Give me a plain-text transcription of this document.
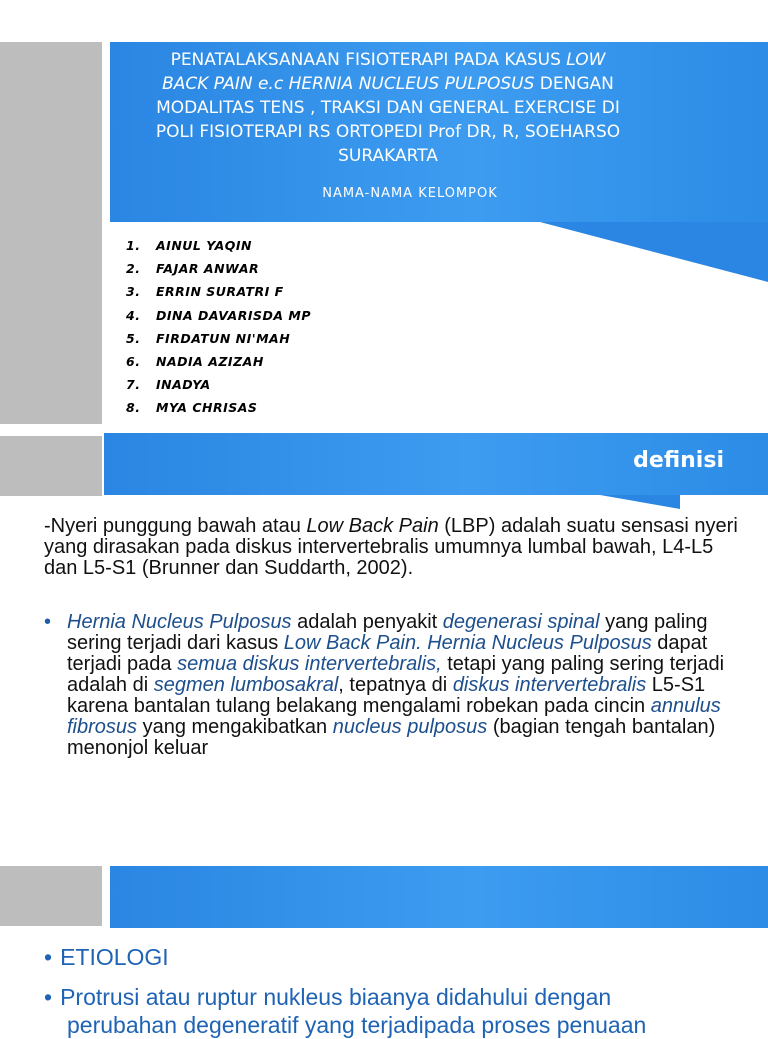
PENATALAKSANAAN FISIOTERAPI PADA KASUS LOW
BACK PAIN e.c HERNIA NUCLEUS PULPOSUS DENGAN
MODALITAS TENS , TRAKSI DAN GENERAL EXERCISE DI
POLI FISIOTERAPI RS ORTOPEDI Prof DR, R, SOEHARSO
SURAKARTA
NAMA-NAMA KELOMPOK
1.	AINUL YAQIN
2.	FAJAR ANWAR
3.	ERRIN SURATRI F
4.	DINA DAVARISDA MP
5.	FIRDATUN NI'MAH
6.	NADIA AZIZAH
7.	INADYA
8.	MYA CHRISAS
definisi
-Nyeri punggung bawah atau Low Back Pain (LBP) adalah suatu sensasi nyeri yang dirasakan pada diskus intervertebralis umumnya lumbal bawah, L4-L5 dan L5-S1 (Brunner dan Suddarth, 2002).
• Hernia Nucleus Pulposus adalah penyakit degenerasi spinal yang paling sering terjadi dari kasus Low Back Pain. Hernia Nucleus Pulposus dapat terjadi pada semua diskus intervertebralis, tetapi yang paling sering terjadi adalah di segmen lumbosakral, tepatnya di diskus intervertebralis L5-S1 karena bantalan tulang belakang mengalami robekan pada cincin annulus fibrosus yang mengakibatkan nucleus pulposus (bagian tengah bantalan) menonjol keluar
• ETIOLOGI
• Protrusi atau ruptur nukleus biaanya didahului dengan
perubahan degeneratif yang terjadipada proses penuaan
